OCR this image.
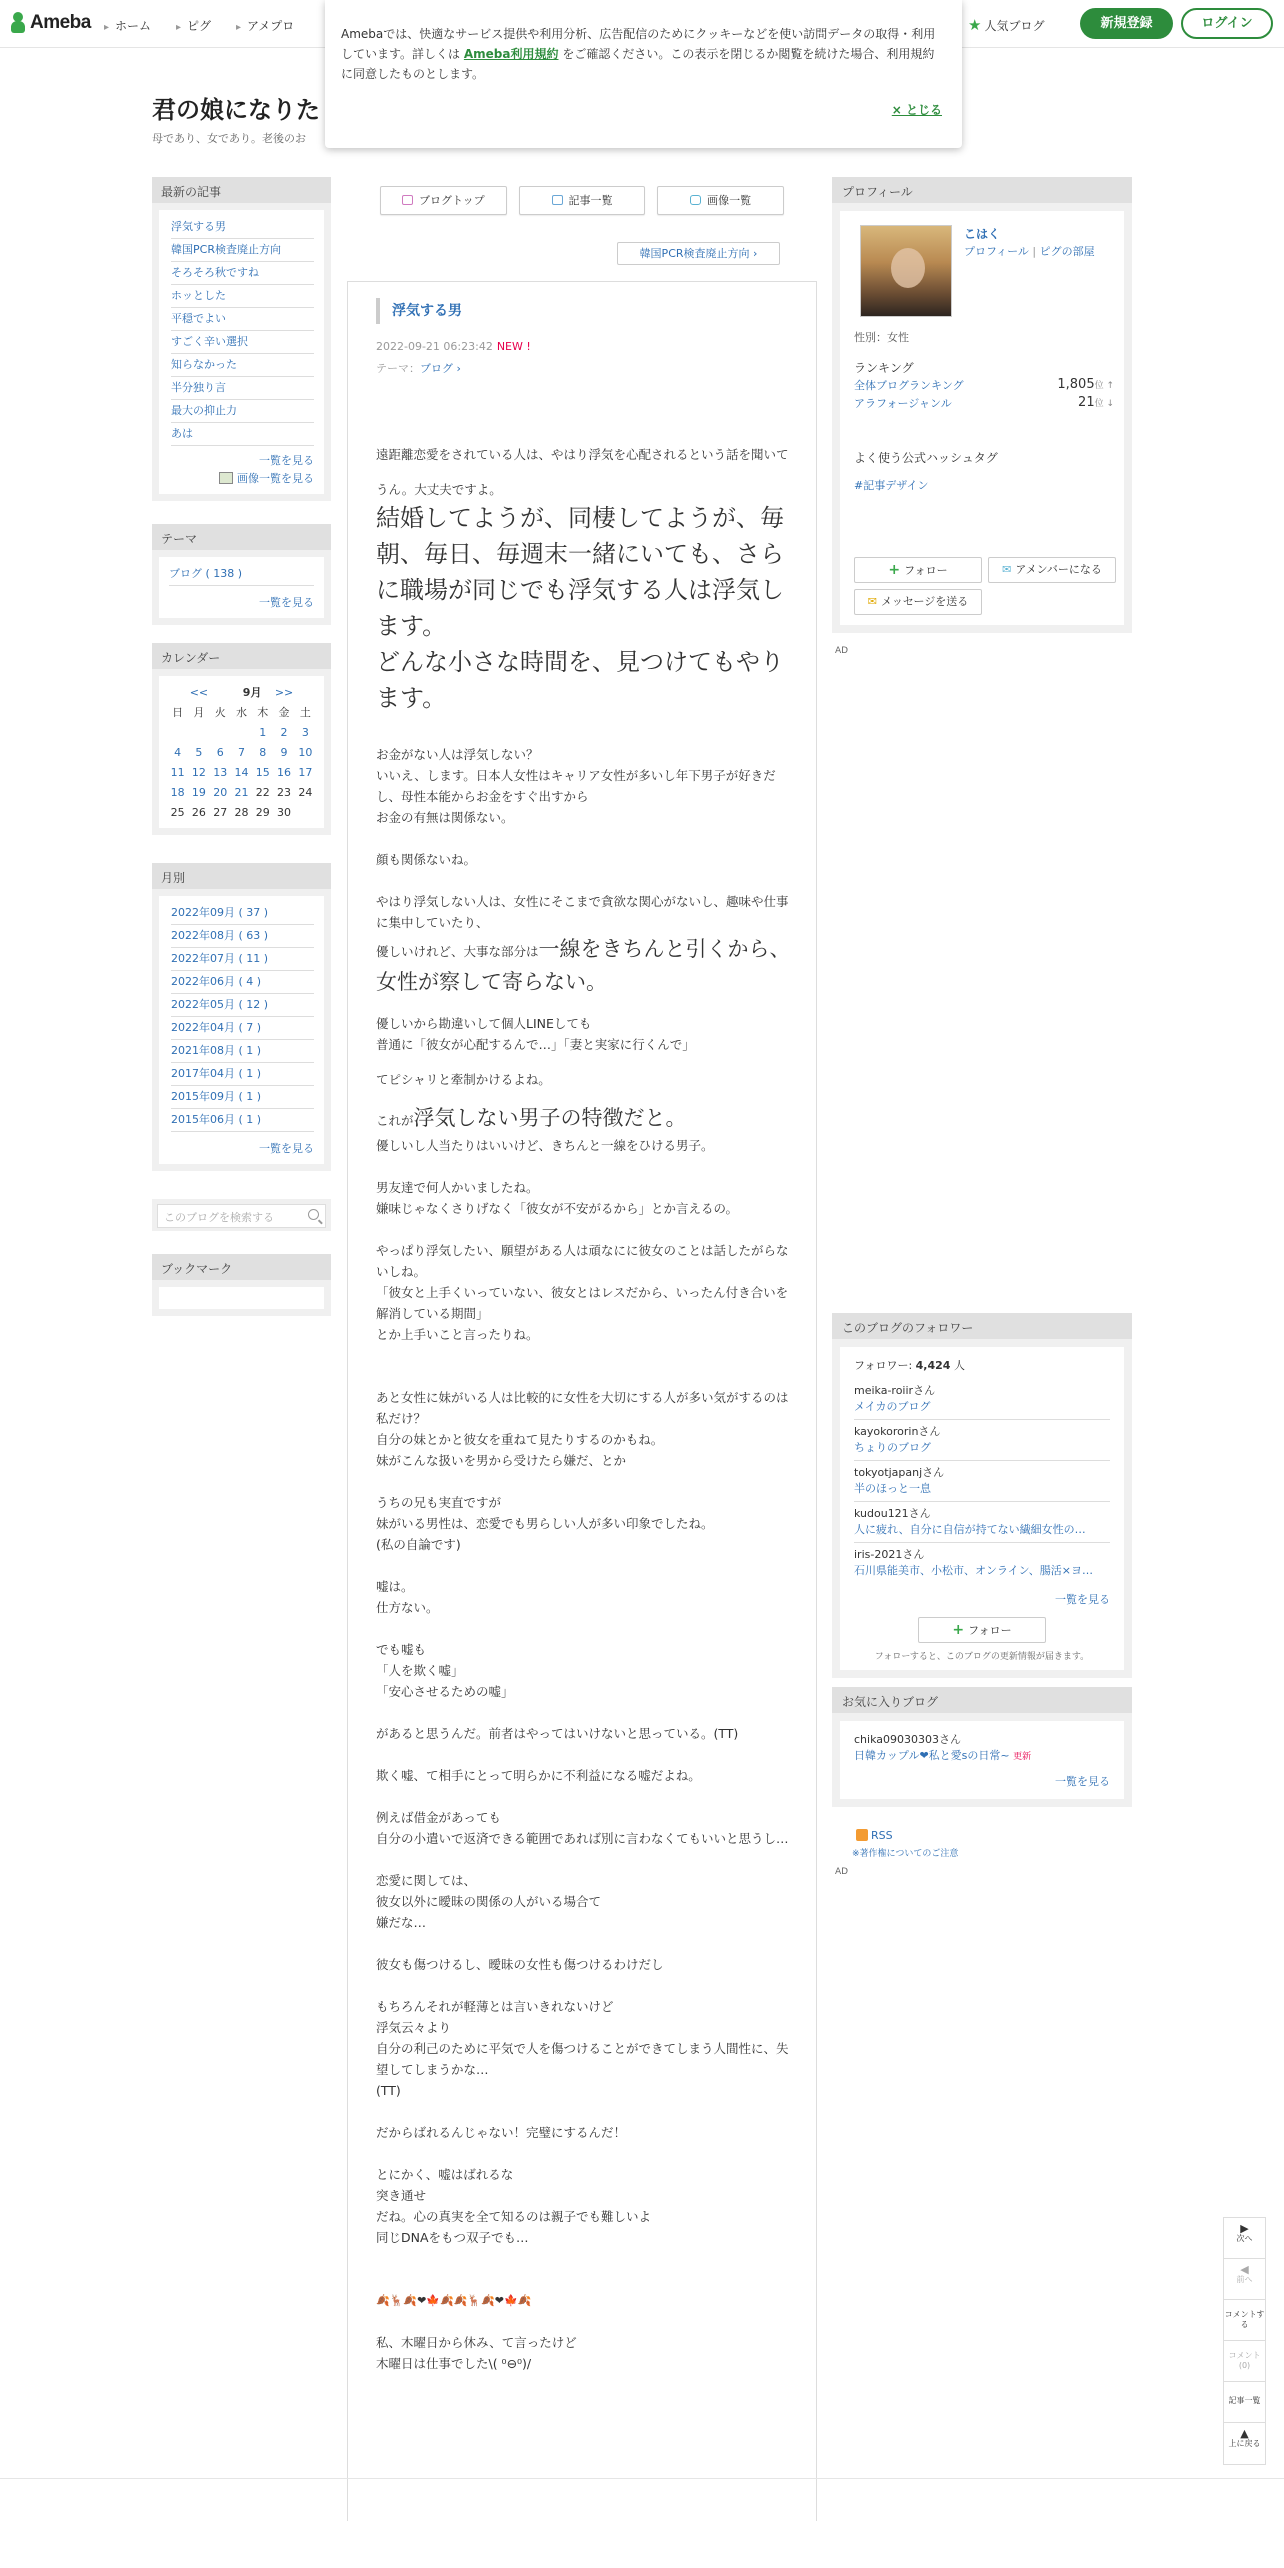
Ameba	▸ ホーム	▸ ピグ	▸ アメプロ	★ 人気ブログ	新規登録	ログイン
Amebaでは、快適なサービス提供や利用分析、広告配信のためにクッキーなどを使い訪問データの取得・利用しています。詳しくは Ameba利用規約 をご確認ください。この表示を閉じるか閲覧を続けた場合、利用規約に同意したものとします。
× とじる
君の娘になりた
母であり、女であり。老後のお
最新の記事
浮気する男
韓国PCR検査廃止方向
そろそろ秋ですね
ホッとした
平穏でよい
すごく辛い選択
知らなかった
半分独り言
最大の抑止力
あは
一覧を見る
画像一覧を見る
テーマ
ブログ ( 138 )
一覧を見る
カレンダー
	<<		9月		>>	
日	月	火	水	木	金	土
				1	2	3
4	5	6	7	8	9	10
11	12	13	14	15	16	17
18	19	20	21	22	23	24
25	26	27	28	29	30	
月別
2022年09月 ( 37 )
2022年08月 ( 63 )
2022年07月 ( 11 )
2022年06月 ( 4 )
2022年05月 ( 12 )
2022年04月 ( 7 )
2021年08月 ( 1 )
2017年04月 ( 1 )
2015年09月 ( 1 )
2015年06月 ( 1 )
一覧を見る
このブログを検索する
ブックマーク
ブログトップ	記事一覧	画像一覧
韓国PCR検査廃止方向 ›
浮気する男
2022-09-21 06:23:42 NEW !
テーマ：ブログ ›

遠距離恋愛をされている人は、やはり浮気を心配されるという話を聞いて

うん。大丈夫ですよ。

結婚してようが、同棲してようが、毎朝、毎日、毎週末一緒にいても、さらに職場が同じでも浮気する人は浮気します。

どんな小さな時間を、見つけてもやります。

お金がない人は浮気しない？

いいえ、します。日本人女性はキャリア女性が多いし年下男子が好きだし、母性本能からお金をすぐ出すから

お金の有無は関係ない。

顔も関係ないね。

やはり浮気しない人は、女性にそこまで貪欲な関心がないし、趣味や仕事に集中していたり、

優しいけれど、大事な部分は一線をきちんと引くから、女性が察して寄らない。

優しいから勘違いして個人LINEしても

普通に「彼女が心配するんで…」「妻と実家に行くんで」

てピシャリと牽制かけるよね。

これが浮気しない男子の特徴だと。

優しいし人当たりはいいけど、きちんと一線をひける男子。

男友達で何人かいましたね。

嫌味じゃなくさりげなく「彼女が不安がるから」とか言えるの。

やっぱり浮気したい、願望がある人は頑なにに彼女のことは話したがらないしね。

「彼女と上手くいっていない、彼女とはレスだから、いったん付き合いを解消している期間」

とか上手いこと言ったりね。

あと女性に妹がいる人は比較的に女性を大切にする人が多い気がするのは私だけ？

自分の妹とかと彼女を重ねて見たりするのかもね。

妹がこんな扱いを男から受けたら嫌だ、とか

うちの兄も実直ですが

妹がいる男性は、恋愛でも男らしい人が多い印象でしたね。

(私の自論です)

嘘は。

仕方ない。

でも嘘も

「人を欺く嘘」

「安心させるための嘘」

があると思うんだ。前者はやってはいけないと思っている。(TT)

欺く嘘、て相手にとって明らかに不利益になる嘘だよね。

例えば借金があっても

自分の小遣いで返済できる範囲であれば別に言わなくてもいいと思うし…

恋愛に関しては、

彼女以外に曖昧の関係の人がいる場合て

嫌だな…

彼女も傷つけるし、曖昧の女性も傷つけるわけだし

もちろんそれが軽薄とは言いきれないけど

浮気云々より

自分の利己のために平気で人を傷つけることができてしまう人間性に、失望してしまうかな…

(TT)

だからばれるんじゃない！完璧にするんだ！

とにかく、嘘はばれるな

突き通せ

だね。心の真実を全て知るのは親子でも難しいよ

同じDNAをもつ双子でも…

🍂🦌🍂❤🍁🍂🍂🦌🍂❤🍁🍂

私、木曜日から休み、て言ったけど

木曜日は仕事でした\( ⁰⊖⁰)/

プロフィール
こはく
プロフィール | ピグの部屋
性別：女性
ランキング
全体ブログランキング	1,805位 ↑
アラフォージャンル	21位 ↓
よく使う公式ハッシュタグ
#記事デザイン
+ フォロー	✉ アメンバーになる
✉ メッセージを送る
AD
このブログのフォロワー
フォロワー: 4,424 人
meika-roiirさん
メイカのブログ
kayokororinさん
ちょりのブログ
tokyotjapanjさん
半のほっと一息
kudou121さん
人に疲れ、自分に自信が持てない繊細女性の…
iris-2021さん
石川県能美市、小松市、オンライン、腸活×ヨ…
一覧を見る
+ フォロー
フォローすると、このブログの更新情報が届きます。
お気に入りブログ
chika09030303さん
日韓カップル❤私と愛sの日常~ 更新
一覧を見る
RSS
※著作権についてのご注意
AD
▶
次へ
◀
前へ
コメントする
コメント(0)
記事一覧
▲
上に戻る
